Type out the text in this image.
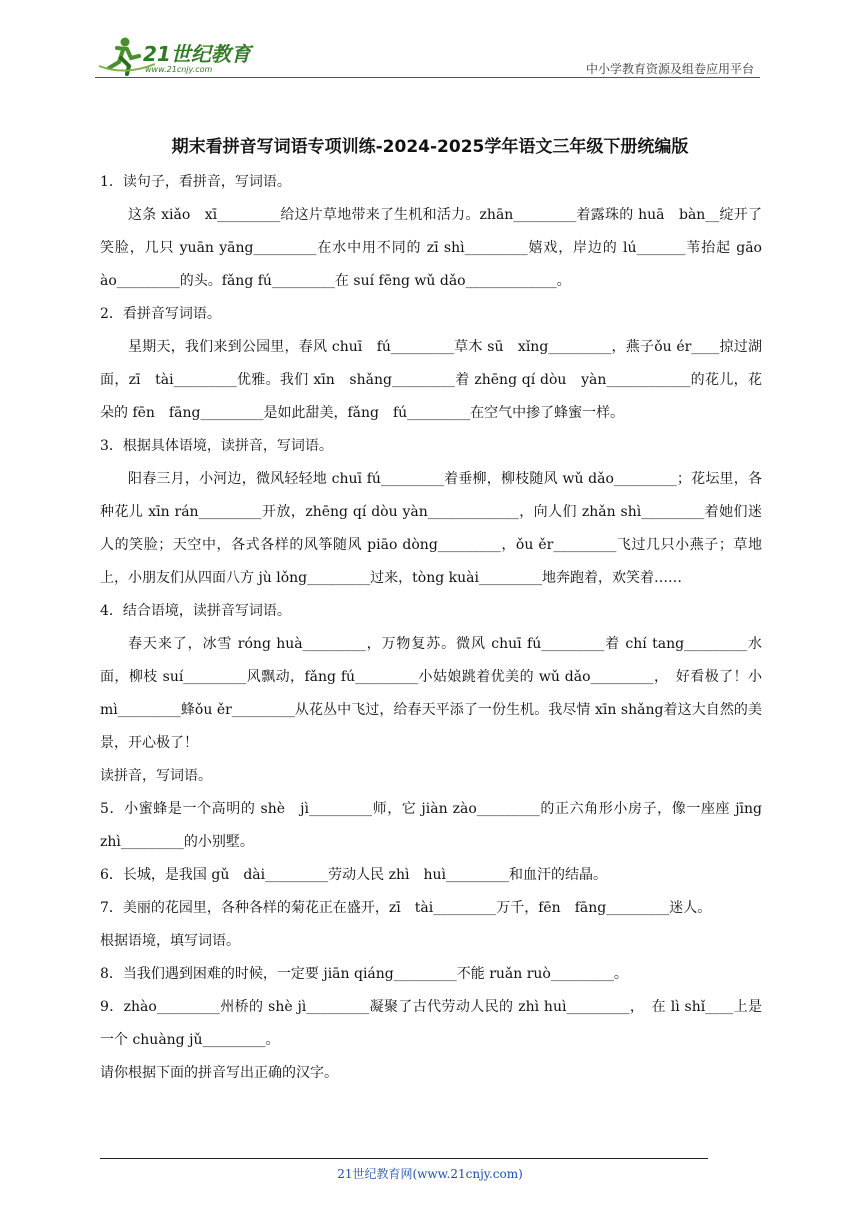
21世纪教育
www.21cnjy.com	中小学教育资源及组卷应用平台
期末看拼音写词语专项训练-2024-2025学年语文三年级下册统编版

1．读句子，看拼音，写词语。

这条 xiǎo　xī_________给这片草地带来了生机和活力。zhān_________着露珠的 huā　bàn__绽开了笑脸，几只 yuān yāng_________在水中用不同的 zī shì_________嬉戏，岸边的 lú_______苇抬起 gāo　ào_________的头。fǎng fú_________在 suí fēng wǔ dǎo_____________。

2．看拼音写词语。

星期天，我们来到公园里，春风 chuī　fú_________草木 sū　xǐng_________，燕子ǒu ér____掠过湖面，zī　tài_________优雅。我们 xīn　shǎng_________着 zhēng qí dòu　yàn____________的花儿，花朵的 fēn　fāng_________是如此甜美，fǎng　fú_________在空气中掺了蜂蜜一样。

3．根据具体语境，读拼音，写词语。

阳春三月，小河边，微风轻轻地 chuī fú_________着垂柳，柳枝随风 wǔ dǎo_________；花坛里，各种花儿 xīn rán_________开放，zhēng qí dòu yàn_____________，向人们 zhǎn shì_________着她们迷人的笑脸；天空中，各式各样的风筝随风 piāo dòng_________，ǒu ěr_________飞过几只小燕子；草地上，小朋友们从四面八方 jù lǒng_________过来，tòng kuài_________地奔跑着，欢笑着……

4．结合语境，读拼音写词语。

春天来了，冰雪 róng huà_________，万物复苏。微风 chuī fú_________着 chí tang_________水面，柳枝 suí_________风飘动，fǎng fú_________小姑娘跳着优美的 wǔ dǎo_________，　好看极了！小 mì_________蜂ǒu ěr_________从花丛中飞过，给春天平添了一份生机。我尽情 xīn shǎng着这大自然的美景，开心极了！

读拼音，写词语。

5．小蜜蜂是一个高明的 shè　jì_________师，它 jiàn zào_________的正六角形小房子，像一座座 jīng　zhì_________的小别墅。

6．长城，是我国 gǔ　dài_________劳动人民 zhì　huì_________和血汗的结晶。

7．美丽的花园里，各种各样的菊花正在盛开，zī　tài_________万千，fēn　fāng_________迷人。

根据语境，填写词语。

8．当我们遇到困难的时候，一定要 jiān qiáng_________不能 ruǎn ruò_________。

9．zhào_________州桥的 shè jì_________凝聚了古代劳动人民的 zhì huì_________，　在 lì shǐ____上是一个 chuàng jǔ_________。

请你根据下面的拼音写出正确的汉字。

21世纪教育网(www.21cnjy.com)
